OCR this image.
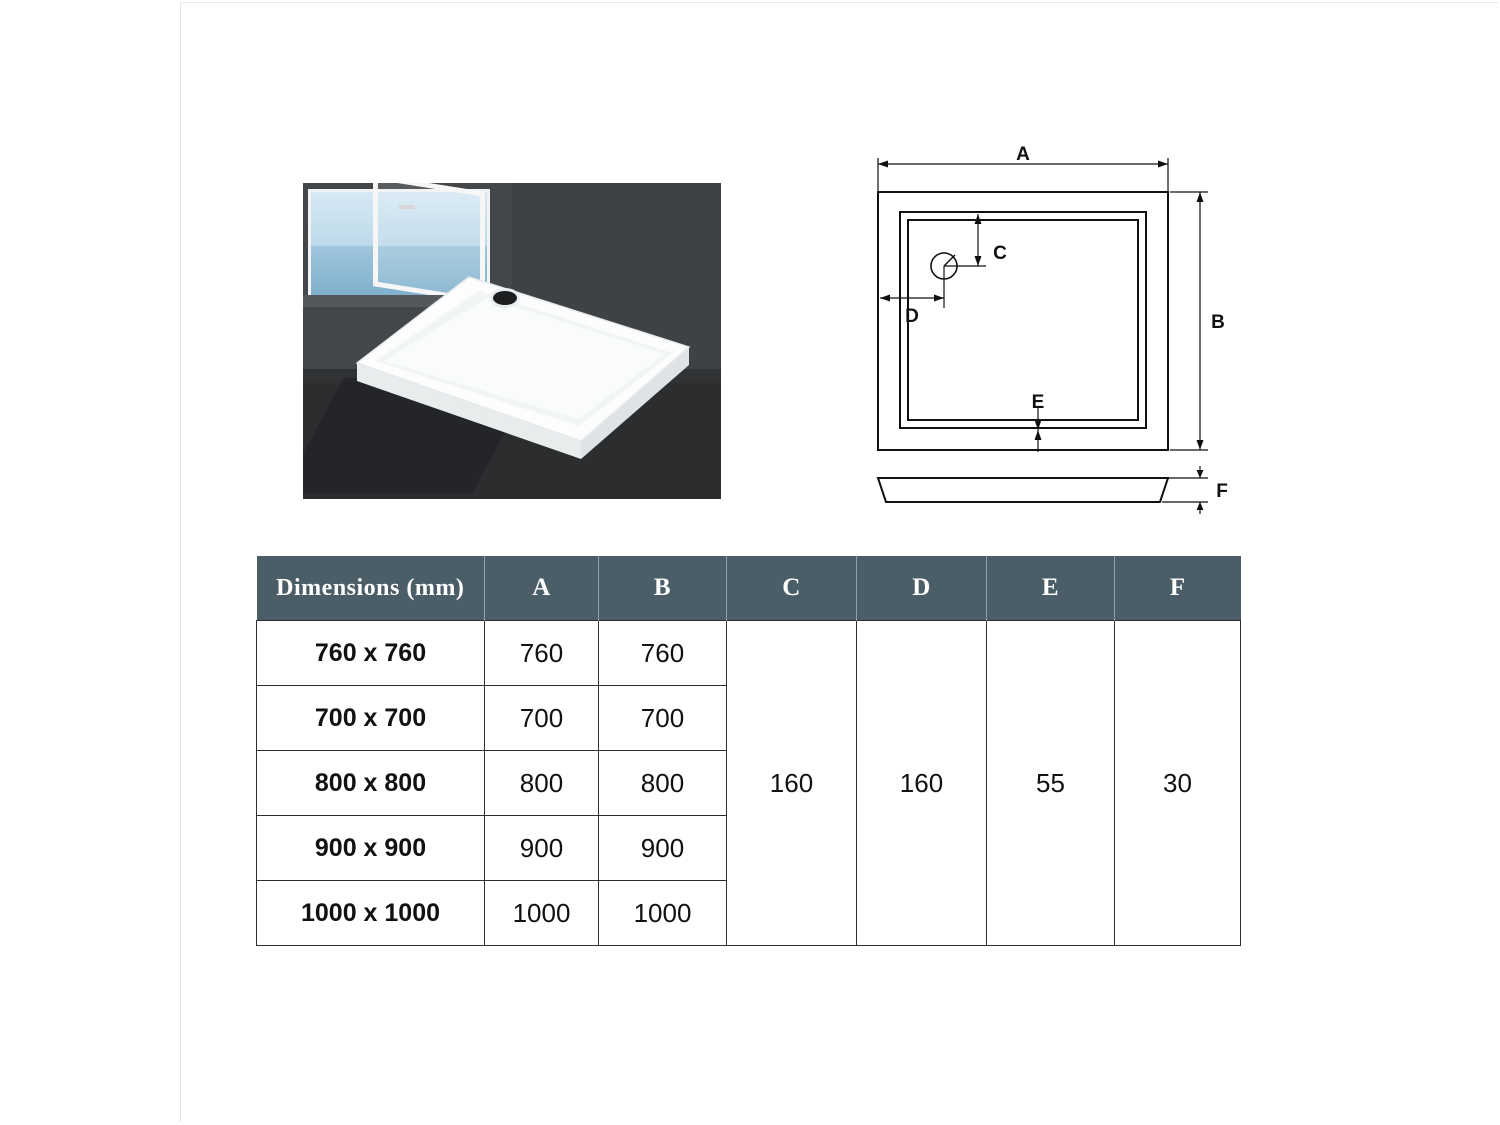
A
B
C
D
E
F
Dimensions (mm)	A	B	C	D	E	F
760 x 760	760	760	160	160	55	30
700 x 700	700	700				
800 x 800	800	800				
900 x 900	900	900				
1000 x 1000	1000	1000				
